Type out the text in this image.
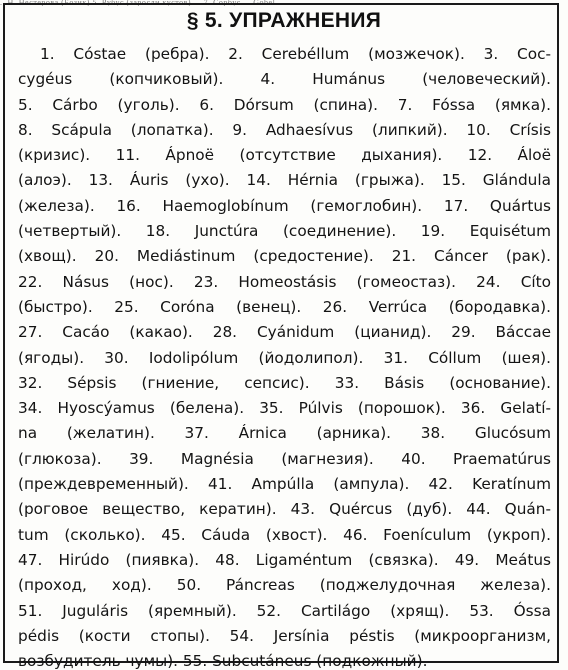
...Н. Нестерова (Бозик) 5. Рубус (заросли кустов) ... 7. Сорбус ... Gobel ...
§ 5. УПРАЖНЕНИЯ
1. Cóstae (ребра). 2. Cerebéllum (мозжечок). 3. Coc-
cygéus (копчиковый). 4. Humánus (человеческий).
5. Cárbo (уголь). 6. Dórsum (спина). 7. Fóssa (ямка).
8. Scápula (лопатка). 9. Adhaesívus (липкий). 10. Crísis
(кризис). 11. Ápnoë (отсутствие дыхания). 12. Áloë
(алоэ). 13. Áuris (ухо). 14. Hérnia (грыжа). 15. Glándula
(железа). 16. Haemoglobínum (гемоглобин). 17. Quártus
(четвертый). 18. Junctúra (соединение). 19. Equisétum
(хвощ). 20. Mediástinum (средостение). 21. Cáncer (рак).
22. Násus (нос). 23. Homeostásis (гомеостаз). 24. Cíto
(быстро). 25. Coróna (венец). 26. Verrúca (бородавка).
27. Cacáo (какао). 28. Cyánidum (цианид). 29. Báccae
(ягоды). 30. Iodolipólum (йодолипол). 31. Cóllum (шея).
32. Sépsis (гниение, сепсис). 33. Básis (основание).
34. Hyoscýamus (белена). 35. Púlvis (порошок). 36. Gelatí-
na (желатин). 37. Árnica (арника). 38. Glucósum
(глюкоза). 39. Magnésia (магнезия). 40. Praematúrus
(преждевременный). 41. Ampúlla (ампула). 42. Keratínum
(роговое вещество, кератин). 43. Quércus (дуб). 44. Quán-
tum (сколько). 45. Cáuda (хвост). 46. Foenículum (укроп).
47. Hirúdo (пиявка). 48. Ligaméntum (связка). 49. Meátus
(проход, ход). 50. Páncreas (поджелудочная железа).
51. Juguláris (яремный). 52. Cartilágo (хрящ). 53. Óssa
pédis (кости стопы). 54. Jersínia péstis (микроорганизм,
возбудитель чумы). 55. Subcutáneus (подкожный).
